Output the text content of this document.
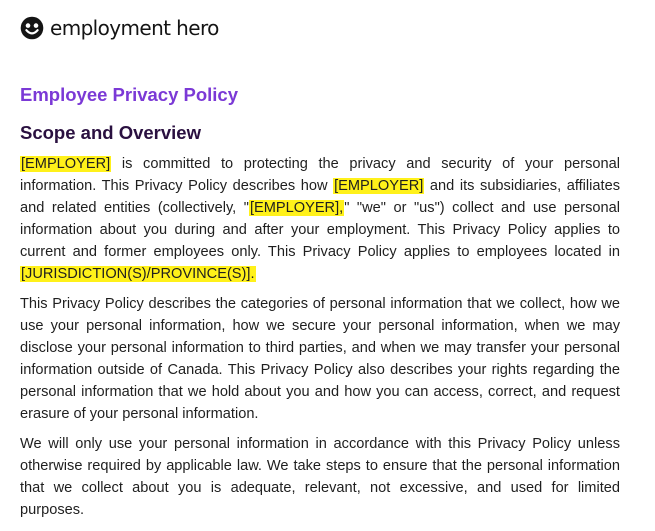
employment hero
Employee Privacy Policy
Scope and Overview

[EMPLOYER] is committed to protecting the privacy and security of your personal information. This Privacy Policy describes how [EMPLOYER] and its subsidiaries, affiliates and related entities (collectively, "[EMPLOYER]," "we" or "us") collect and use personal information about you during and after your employment. This Privacy Policy applies to current and former employees only. This Privacy Policy applies to employees located in [JURISDICTION(S)/PROVINCE(S)].

This Privacy Policy describes the categories of personal information that we collect, how we use your personal information, how we secure your personal information, when we may disclose your personal information to third parties, and when we may transfer your personal information outside of Canada. This Privacy Policy also describes your rights regarding the personal information that we hold about you and how you can access, correct, and request erasure of your personal information.

We will only use your personal information in accordance with this Privacy Policy unless otherwise required by applicable law. We take steps to ensure that the personal information that we collect about you is adequate, relevant, not excessive, and used for limited purposes.
